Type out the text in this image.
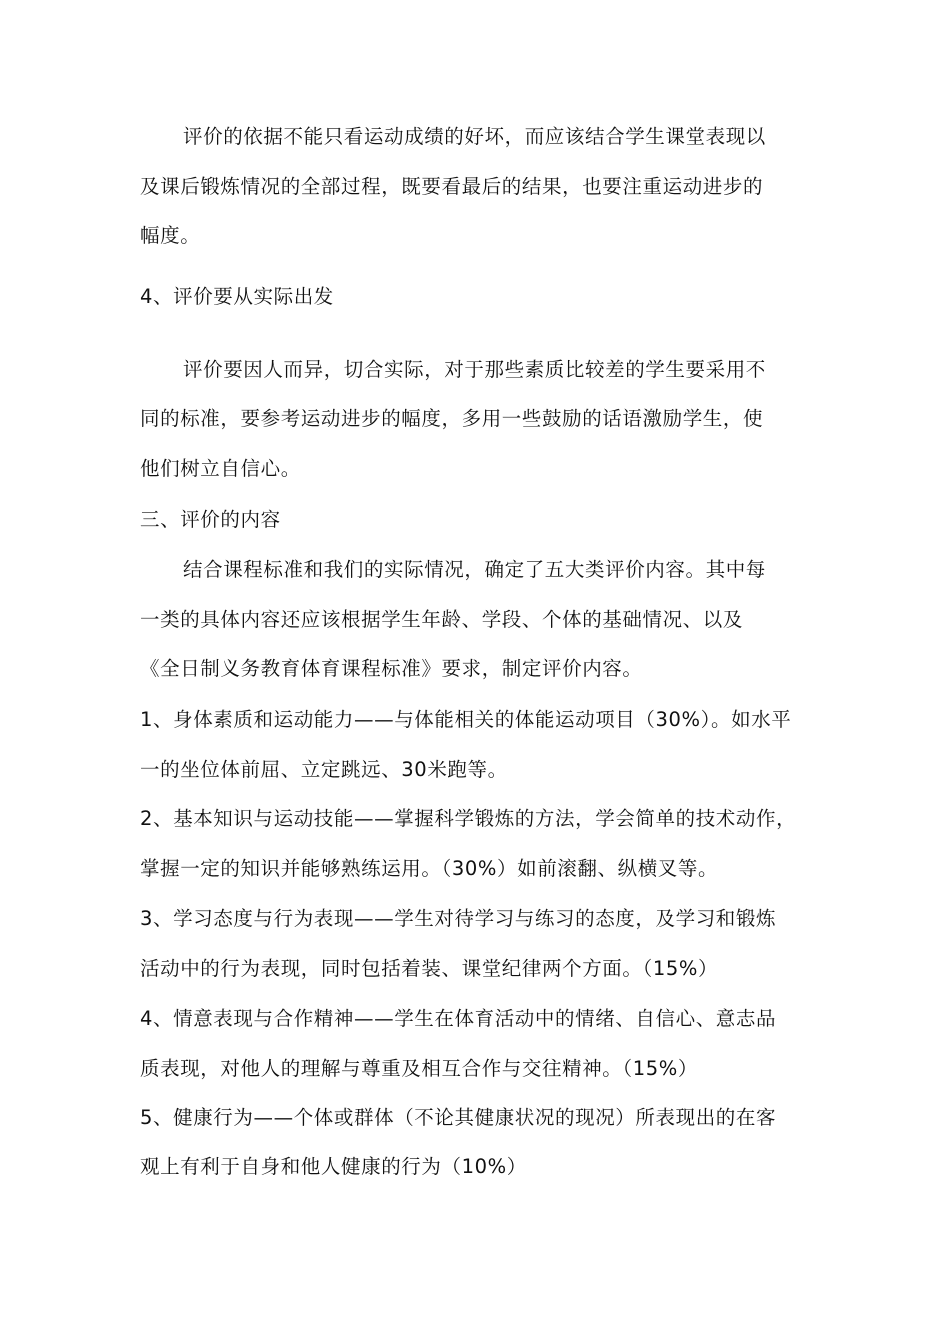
评价的依据不能只看运动成绩的好坏，而应该结合学生课堂表现以
及课后锻炼情况的全部过程，既要看最后的结果，也要注重运动进步的
幅度。
4、评价要从实际出发
评价要因人而异，切合实际，对于那些素质比较差的学生要采用不
同的标准，要参考运动进步的幅度，多用一些鼓励的话语激励学生，使
他们树立自信心。
三、评价的内容
结合课程标准和我们的实际情况，确定了五大类评价内容。其中每
一类的具体内容还应该根据学生年龄、学段、个体的基础情况、以及
《全日制义务教育体育课程标准》要求，制定评价内容。
1、身体素质和运动能力——与体能相关的体能运动项目（30%）。如水平
一的坐位体前屈、立定跳远、30米跑等。
2、基本知识与运动技能——掌握科学锻炼的方法，学会简单的技术动作，
掌握一定的知识并能够熟练运用。（30%）如前滚翻、纵横叉等。
3、学习态度与行为表现——学生对待学习与练习的态度，及学习和锻炼
活动中的行为表现，同时包括着装、课堂纪律两个方面。（15%）
4、情意表现与合作精神——学生在体育活动中的情绪、自信心、意志品
质表现，对他人的理解与尊重及相互合作与交往精神。（15%）
5、健康行为——个体或群体（不论其健康状况的现况）所表现出的在客
观上有利于自身和他人健康的行为（10%）
